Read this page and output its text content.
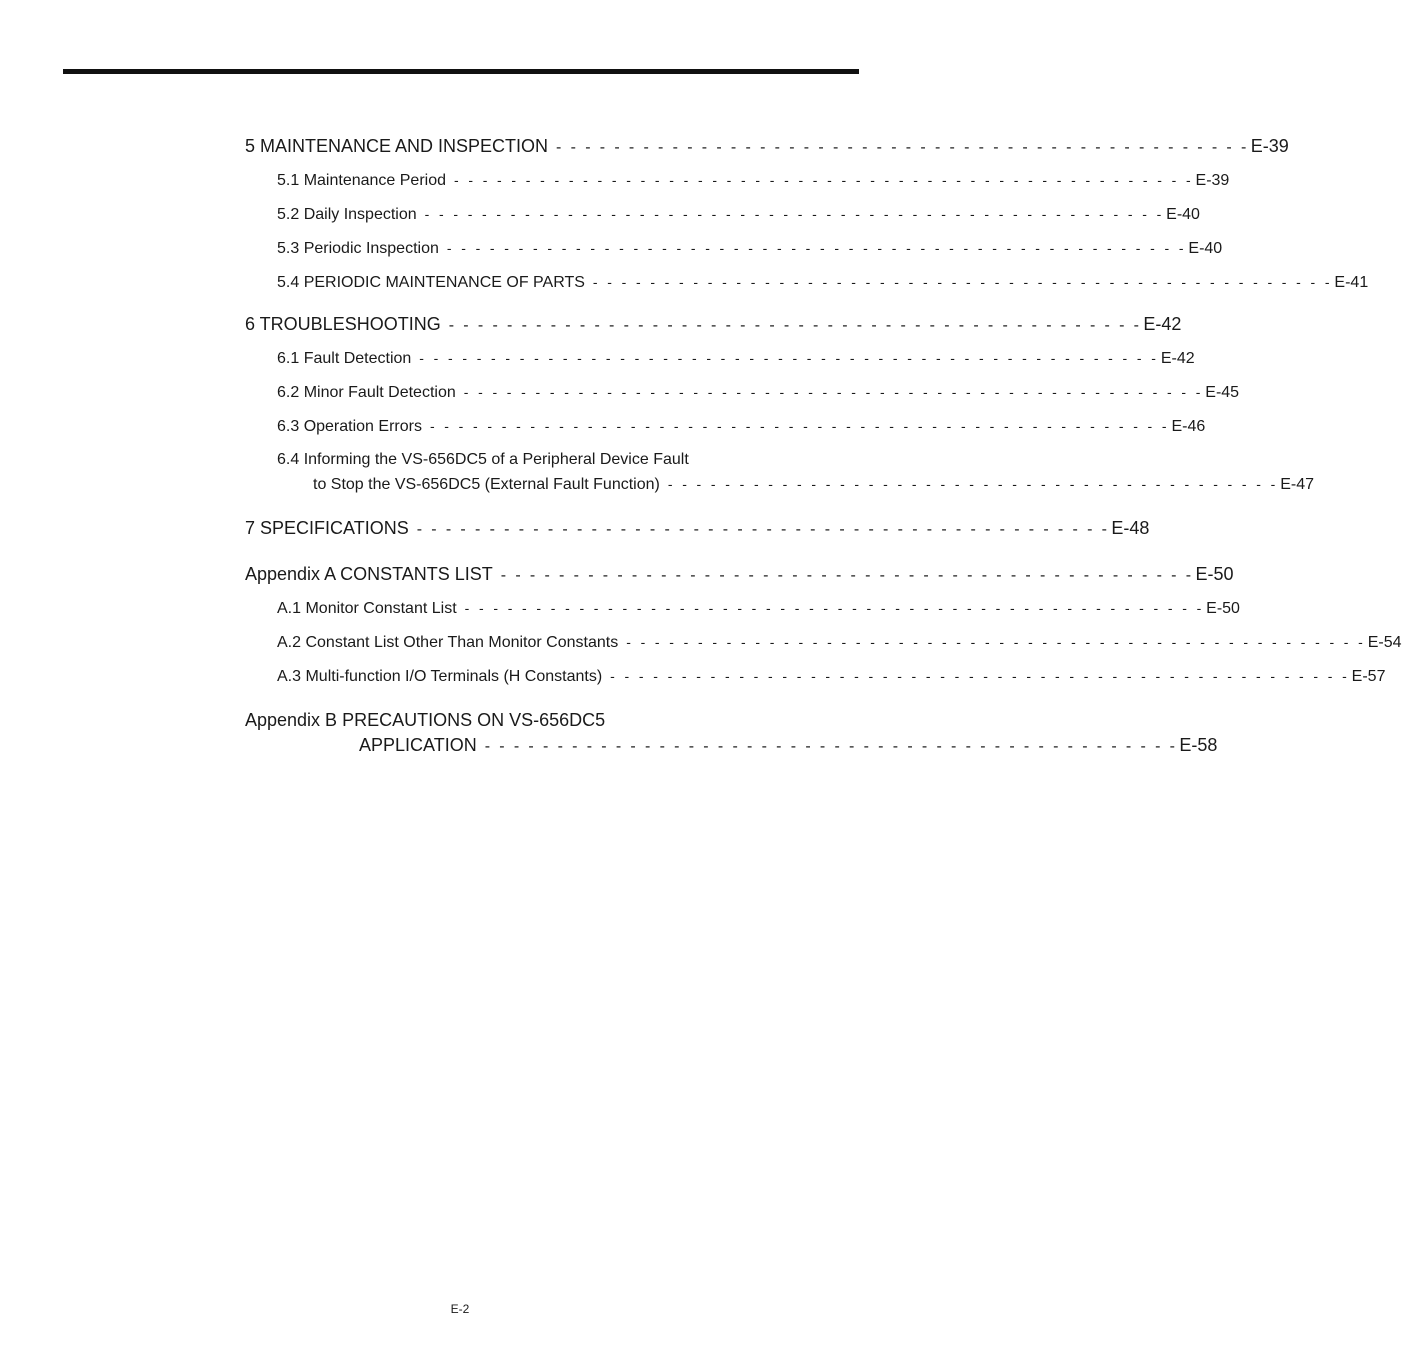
5 MAINTENANCE AND INSPECTION - - - - - - - - - - - - - - - - - - - - - - - - - - - - - - - - - - - - - - - - - - - - - - - - E-39
5.1 Maintenance Period - - - - - - - - - - - - - - - - - - - - - - - - - - - - - - - - - - - - - - - - - - - - - - - - - - - - E-39
5.2 Daily Inspection - - - - - - - - - - - - - - - - - - - - - - - - - - - - - - - - - - - - - - - - - - - - - - - - - - - - E-40
5.3 Periodic Inspection - - - - - - - - - - - - - - - - - - - - - - - - - - - - - - - - - - - - - - - - - - - - - - - - - - - - E-40
5.4 PERIODIC MAINTENANCE OF PARTS - - - - - - - - - - - - - - - - - - - - - - - - - - - - - - - - - - - - - - - - - - - - - - - - - - - - E-41
6 TROUBLESHOOTING - - - - - - - - - - - - - - - - - - - - - - - - - - - - - - - - - - - - - - - - - - - - - - - - E-42
6.1 Fault Detection - - - - - - - - - - - - - - - - - - - - - - - - - - - - - - - - - - - - - - - - - - - - - - - - - - - - E-42
6.2 Minor Fault Detection - - - - - - - - - - - - - - - - - - - - - - - - - - - - - - - - - - - - - - - - - - - - - - - - - - - - E-45
6.3 Operation Errors - - - - - - - - - - - - - - - - - - - - - - - - - - - - - - - - - - - - - - - - - - - - - - - - - - - - E-46
6.4 Informing the VS-656DC5 of a Peripheral Device Fault
to Stop the VS-656DC5 (External Fault Function) - - - - - - - - - - - - - - - - - - - - - - - - - - - - - - - - - - - - - - - - - - - E-47
7 SPECIFICATIONS - - - - - - - - - - - - - - - - - - - - - - - - - - - - - - - - - - - - - - - - - - - - - - - - E-48
Appendix A CONSTANTS LIST - - - - - - - - - - - - - - - - - - - - - - - - - - - - - - - - - - - - - - - - - - - - - - - - E-50
A.1 Monitor Constant List - - - - - - - - - - - - - - - - - - - - - - - - - - - - - - - - - - - - - - - - - - - - - - - - - - - - E-50
A.2 Constant List Other Than Monitor Constants - - - - - - - - - - - - - - - - - - - - - - - - - - - - - - - - - - - - - - - - - - - - - - - - - - - - E-54
A.3 Multi-function I/O Terminals (H Constants) - - - - - - - - - - - - - - - - - - - - - - - - - - - - - - - - - - - - - - - - - - - - - - - - - - - - E-57
Appendix B PRECAUTIONS ON VS-656DC5
APPLICATION - - - - - - - - - - - - - - - - - - - - - - - - - - - - - - - - - - - - - - - - - - - - - - - - E-58
E-2
